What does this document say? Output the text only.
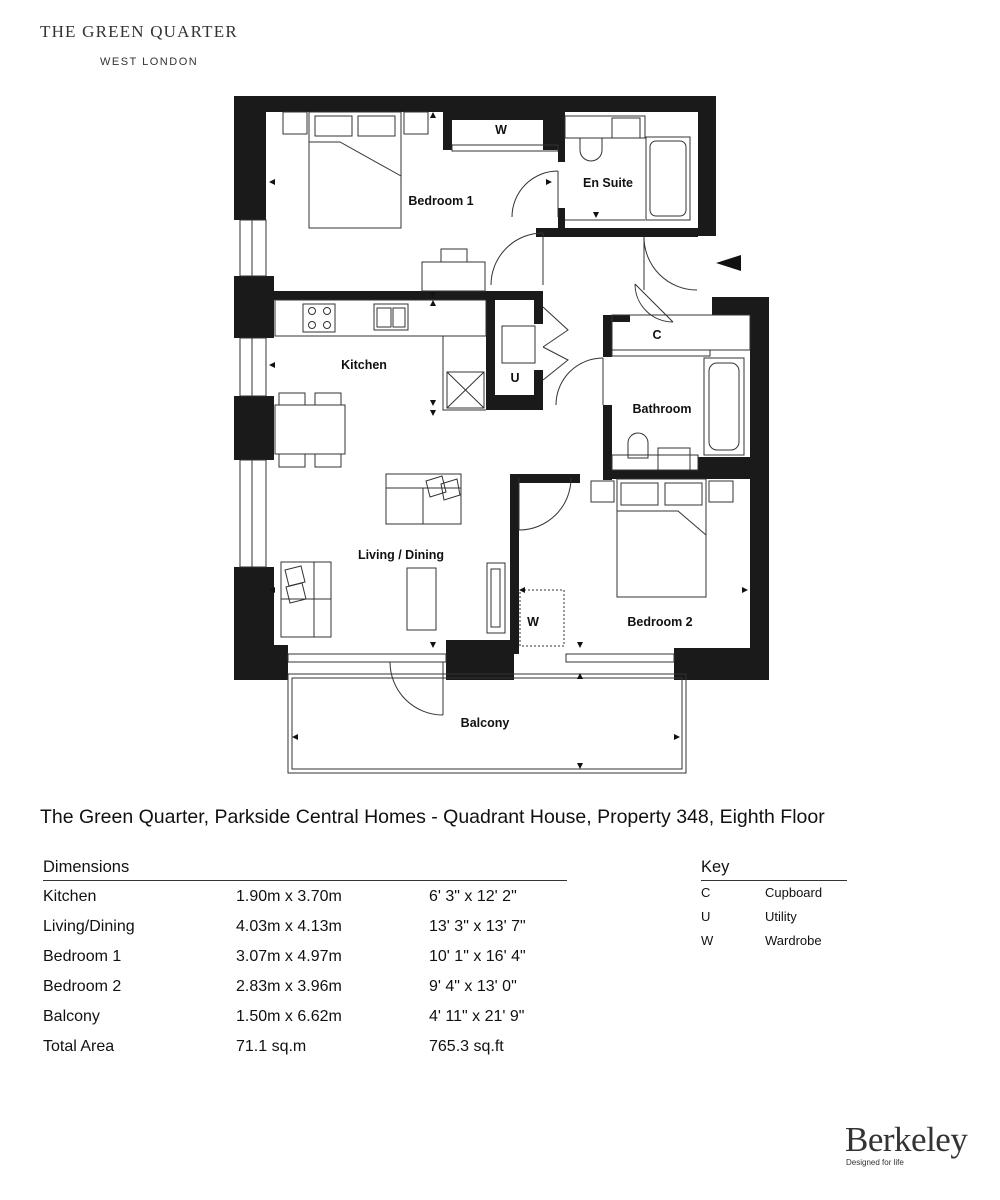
THE GREEN QUARTER
WEST LONDON
Bedroom 1
En Suite
Kitchen
Living / Dining
Bathroom
Bedroom 2
Balcony
W
C
U
W
The Green Quarter, Parkside Central Homes - Quadrant House, Property 348, Eighth Floor
Dimensions
Kitchen	1.90m x 3.70m	6' 3" x 12' 2"
Living/Dining	4.03m x 4.13m	13' 3" x 13' 7"
Bedroom 1	3.07m x 4.97m	10' 1" x 16' 4"
Bedroom 2	2.83m x 3.96m	9' 4" x 13' 0"
Balcony	1.50m x 6.62m	4' 11" x 21' 9"
Total Area	71.1 sq.m	765.3 sq.ft
Key
C	Cupboard
U	Utility
W	Wardrobe
Berkeley
Designed for life
